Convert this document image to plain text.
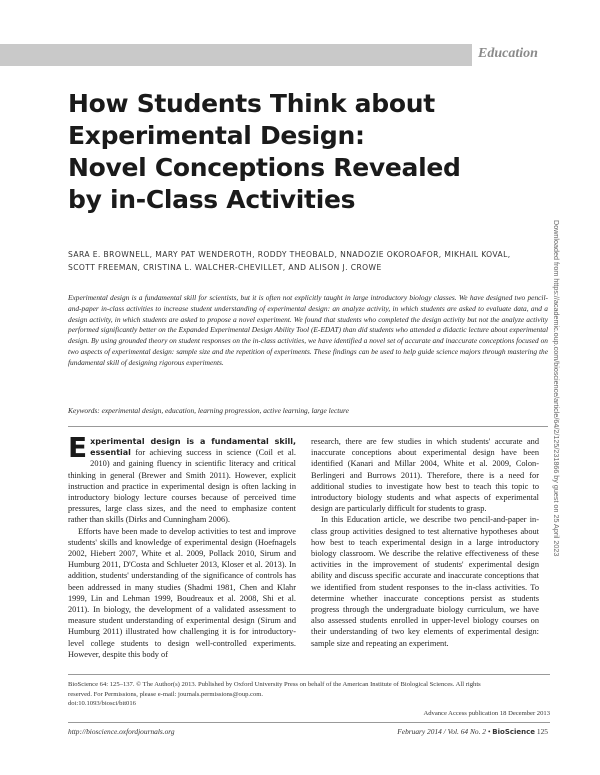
Education
How Students Think about
Experimental Design:
Novel Conceptions Revealed
by in-Class Activities
SARA E. BROWNELL, MARY PAT WENDEROTH, RODDY THEOBALD, NNADOZIE OKOROAFOR, MIKHAIL KOVAL,
SCOTT FREEMAN, CRISTINA L. WALCHER-CHEVILLET, AND ALISON J. CROWE	Downloaded from https://academic.oup.com/bioscience/article/64/2/125/231866 by guest on 25 April 2023
Experimental design is a fundamental skill for scientists, but it is often not explicitly taught in large introductory biology classes. We have designed two pencil-and-paper in-class activities to increase student understanding of experimental design: an analyze activity, in which students are asked to evaluate data, and a design activity, in which students are asked to propose a novel experiment. We found that students who completed the design activity but not the analyze activity performed significantly better on the Expanded Experimental Design Ability Tool (E-EDAT) than did students who attended a didactic lecture about experimental design. By using grounded theory on student responses on the in-class activities, we have identified a novel set of accurate and inaccurate conceptions focused on two aspects of experimental design: sample size and the repetition of experiments. These findings can be used to help guide science majors through mastering the fundamental skill of designing rigorous experiments.
Keywords: experimental design, education, learning progression, active learning, large lecture

Experimental design is a fundamental skill, essential for achieving success in science (Coil et al. 2010) and gaining fluency in scientific literacy and critical thinking in general (Brewer and Smith 2011). However, explicit instruction and practice in experimental design is often lacking in introductory biology lecture courses because of perceived time pressures, large class sizes, and the need to emphasize content rather than skills (Dirks and Cunningham 2006).

Efforts have been made to develop activities to test and improve students' skills and knowledge of experimental design (Hoefnagels 2002, Hiebert 2007, White et al. 2009, Pollack 2010, Sirum and Humburg 2011, D'Costa and Schlueter 2013, Kloser et al. 2013). In addition, students' understanding of the significance of controls has been addressed in many studies (Shadmi 1981, Chen and Klahr 1999, Lin and Lehman 1999, Boudreaux et al. 2008, Shi et al. 2011). In biology, the development of a validated assessment to measure student understanding of experimental design (Sirum and Humburg 2011) illustrated how challenging it is for introductory-level college students to design well-controlled experiments. However, despite this body of

research, there are few studies in which students' accurate and inaccurate conceptions about experimental design have been identified (Kanari and Millar 2004, White et al. 2009, Colon-Berlingeri and Burrows 2011). Therefore, there is a need for additional studies to investigate how best to teach this topic to introductory biology students and what aspects of experimental design are particularly difficult for students to grasp.

In this Education article, we describe two pencil-and-paper in-class group activities designed to test alternative hypotheses about how best to teach experimental design in a large introductory biology classroom. We describe the relative effectiveness of these activities in the improvement of students' experimental design ability and discuss specific accurate and inaccurate conceptions that we identified from student responses to the in-class activities. To determine whether inaccurate conceptions persist as students progress through the undergraduate biology curriculum, we have also assessed students enrolled in upper-level biology courses on their understanding of two key elements of experimental design: sample size and repeating an experiment.

BioScience 64: 125–137. © The Author(s) 2013. Published by Oxford University Press on behalf of the American Institute of Biological Sciences. All rights
reserved. For Permissions, please e-mail: journals.permissions@oup.com.
doi:10.1093/biosci/bit016
Advance Access publication 18 December 2013
http://bioscience.oxfordjournals.org	February 2014 / Vol. 64 No. 2 • BioScience 125
